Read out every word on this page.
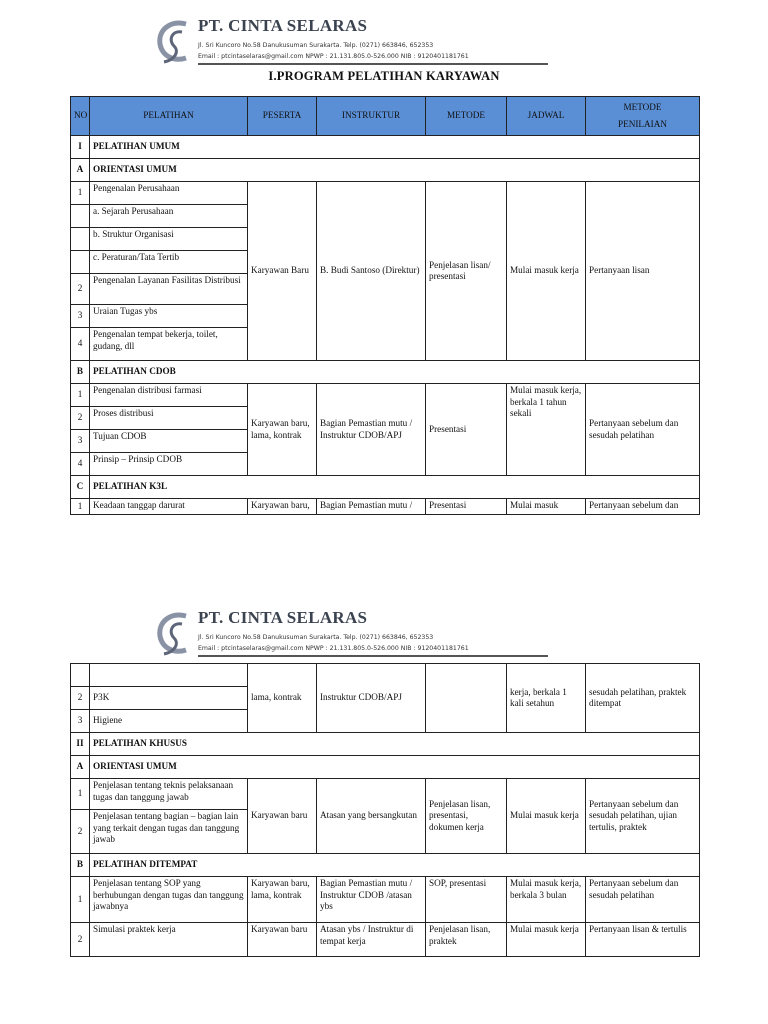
PT. CINTA SELARAS
Jl. Sri Kuncoro No.58 Danukusuman Surakarta. Telp. (0271) 663846, 652353
Email : ptcintaselaras@gmail.com NPWP : 21.131.805.0-526.000 NIB : 9120401181761
I.PROGRAM PELATIHAN KARYAWAN
NO	PELATIHAN	PESERTA	INSTRUKTUR	METODE	JADWAL	METODE
PENILAIAN
I	PELATIHAN UMUM					
A	ORIENTASI UMUM					
1	Pengenalan Perusahaan	Karyawan Baru	B. Budi Santoso (Direktur)	Penjelasan lisan/ presentasi	Mulai masuk kerja	Pertanyaan lisan
	a. Sejarah Perusahaan					
	b. Struktur Organisasi					
	c. Peraturan/Tata Tertib					
2	Pengenalan Layanan Fasilitas Distribusi					
3	Uraian Tugas ybs					
4	Pengenalan tempat bekerja, toilet, gudang, dll					
B	PELATIHAN CDOB					
1	Pengenalan distribusi farmasi	Karyawan baru, lama, kontrak	Bagian Pemastian mutu / Instruktur CDOB/APJ	Presentasi	Mulai masuk kerja, berkala 1 tahun sekali	Pertanyaan sebelum dan sesudah pelatihan
2	Proses distribusi					
3	Tujuan CDOB					
4	Prinsip – Prinsip CDOB					
C	PELATIHAN K3L					
1	Keadaan tanggap darurat	Karyawan baru,	Bagian Pemastian mutu /	Presentasi	Mulai masuk	Pertanyaan sebelum dan
PT. CINTA SELARAS
Jl. Sri Kuncoro No.58 Danukusuman Surakarta. Telp. (0271) 663846, 652353
Email : ptcintaselaras@gmail.com NPWP : 21.131.805.0-526.000 NIB : 9120401181761
		lama, kontrak	Instruktur CDOB/APJ		kerja, berkala 1 kali setahun	sesudah pelatihan, praktek ditempat
2	P3K					
3	Higiene					
II	PELATIHAN KHUSUS					
A	ORIENTASI UMUM					
1	Penjelasan tentang teknis pelaksanaan tugas dan tanggung jawab	Karyawan baru	Atasan yang bersangkutan	Penjelasan lisan, presentasi, dokumen kerja	Mulai masuk kerja	Pertanyaan sebelum dan sesudah pelatihan, ujian tertulis, praktek
2	Penjelasan tentang bagian – bagian lain yang terkait dengan tugas dan tanggung jawab					
B	PELATIHAN DITEMPAT					
1	Penjelasan tentang SOP yang berhubungan dengan tugas dan tanggung jawabnya	Karyawan baru, lama, kontrak	Bagian Pemastian mutu / Instruktur CDOB /atasan ybs	SOP, presentasi	Mulai masuk kerja, berkala 3 bulan	Pertanyaan sebelum dan sesudah pelatihan
2	Simulasi praktek kerja	Karyawan baru	Atasan ybs / Instruktur di tempat kerja	Penjelasan lisan, praktek	Mulai masuk kerja	Pertanyaan lisan & tertulis
